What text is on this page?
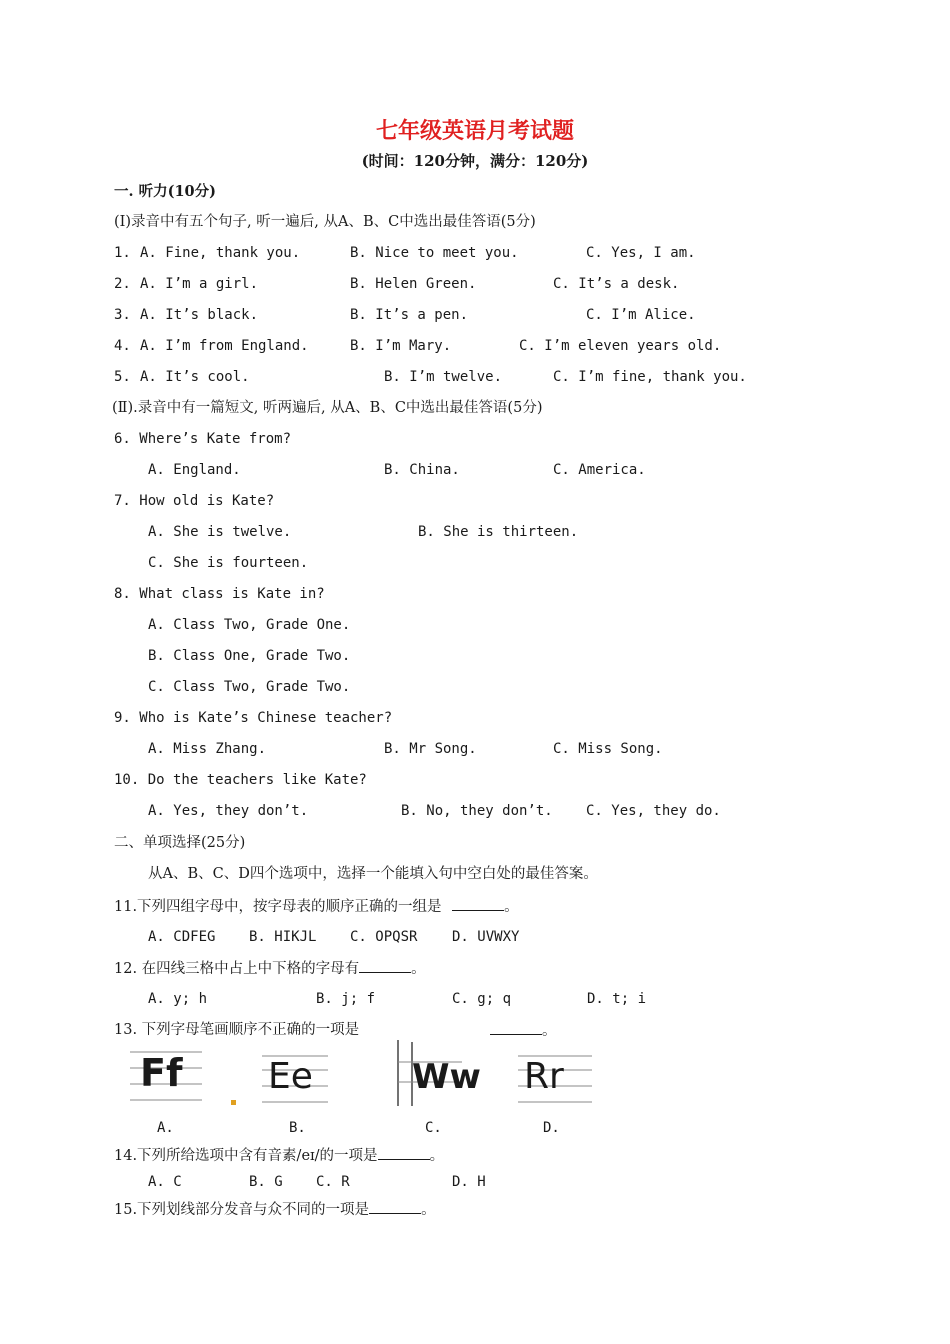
七年级英语月考试题
(时间：120分钟，满分：120分)
一. 听力(10分)
(Ⅰ)录音中有五个句子, 听一遍后, 从A、B、C中选出最佳答语(5分)
1. A. Fine, thank you.	B. Nice to meet you.	C. Yes, I am.
2. A. I’m a girl.	B. Helen Green.	C. It’s a desk.
3. A. It’s black.	B. It’s a pen.	C. I’m Alice.
4. A. I’m from England.	B. I’m Mary.	C. I’m eleven years old.
5. A. It’s cool.	B. I’m twelve.	C. I’m fine, thank you.
(Ⅱ).录音中有一篇短文, 听两遍后, 从A、B、C中选出最佳答语(5分)
6. Where’s Kate from?
A. England.	B. China.	C. America.
7. How old is Kate?
A. She is twelve.	B. She is thirteen.
C. She is fourteen.
8. What class is Kate in?
A. Class Two, Grade One.
B. Class One, Grade Two.
C. Class Two, Grade Two.
9. Who is Kate’s Chinese teacher?
A. Miss Zhang.	B. Mr Song.	C. Miss Song.
10. Do the teachers like Kate?
A. Yes, they don’t.	B. No, they don’t. C. Yes, they do.
二、单项选择(25分)
从A、B、C、D四个选项中，选择一个能填入句中空白处的最佳答案。
11.下列四组字母中，按字母表的顺序正确的一组是	。
A. CDFEG B. HIKJL C. OPQSR D. UVWXY
12. 在四线三格中占上中下格的字母有	。
A. y; h	B. j; f	C. g; q	D. t; i
13. 下列字母笔画顺序不正确的一项是	。
Ff Ee	Ww Rr
A.	B.	C.	D.
14.下列所给选项中含有音素/eɪ/的一项是	。
A. C	B. G C. R	D. H
15.下列划线部分发音与众不同的一项是	。
